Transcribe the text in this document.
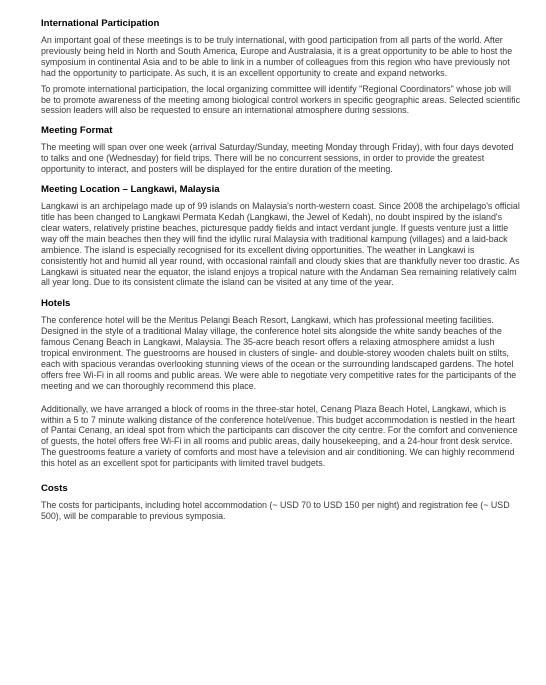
International Participation

An important goal of these meetings is to be truly international, with good participation from all parts of the world. After previously being held in North and South America, Europe and Australasia, it is a great opportunity to be able to host the symposium in continental Asia and to be able to link in a number of colleagues from this region who have previously not had the opportunity to participate. As such, it is an excellent opportunity to create and expand networks.

To promote international participation, the local organizing committee will identify "Regional Coordinators" whose job will be to promote awareness of the meeting among biological control workers in specific geographic areas. Selected scientific session leaders will also be requested to ensure an international atmosphere during sessions.

Meeting Format

The meeting will span over one week (arrival Saturday/Sunday, meeting Monday through Friday), with four days devoted to talks and one (Wednesday) for field trips. There will be no concurrent sessions, in order to provide the greatest opportunity to interact, and posters will be displayed for the entire duration of the meeting.

Meeting Location – Langkawi, Malaysia

Langkawi is an archipelago made up of 99 islands on Malaysia's north-western coast. Since 2008 the archipelago's official title has been changed to Langkawi Permata Kedah (Langkawi, the Jewel of Kedah), no doubt inspired by the island's clear waters, relatively pristine beaches, picturesque paddy fields and intact verdant jungle. If guests venture just a little way off the main beaches then they will find the idyllic rural Malaysia with traditional kampung (villages) and a laid-back ambience. The island is especially recognised for its excellent diving opportunities. The weather in Langkawi is consistently hot and humid all year round, with occasional rainfall and cloudy skies that are thankfully never too drastic. As Langkawi is situated near the equator, the island enjoys a tropical nature with the Andaman Sea remaining relatively calm all year long. Due to its consistent climate the island can be visited at any time of the year.

Hotels

The conference hotel will be the Meritus Pelangi Beach Resort, Langkawi, which has professional meeting facilities. Designed in the style of a traditional Malay village, the conference hotel sits alongside the white sandy beaches of the famous Cenang Beach in Langkawi, Malaysia. The 35-acre beach resort offers a relaxing atmosphere amidst a lush tropical environment. The guestrooms are housed in clusters of single- and double-storey wooden chalets built on stilts, each with spacious verandas overlooking stunning views of the ocean or the surrounding landscaped gardens. The hotel offers free Wi-Fi in all rooms and public areas. We were able to negotiate very competitive rates for the participants of the meeting and we can thoroughly recommend this place.

Additionally, we have arranged a block of rooms in the three-star hotel, Cenang Plaza Beach Hotel, Langkawi, which is within a 5 to 7 minute walking distance of the conference hotel/venue. This budget accommodation is nestled in the heart of Pantai Cenang, an ideal spot from which the participants can discover the city centre. For the comfort and convenience of guests, the hotel offers free Wi-Fi in all rooms and public areas, daily housekeeping, and a 24-hour front desk service. The guestrooms feature a variety of comforts and most have a television and air conditioning. We can highly recommend this hotel as an excellent spot for participants with limited travel budgets.

Costs

The costs for participants, including hotel accommodation (~ USD 70 to USD 150 per night) and registration fee (~ USD 500), will be comparable to previous symposia.
